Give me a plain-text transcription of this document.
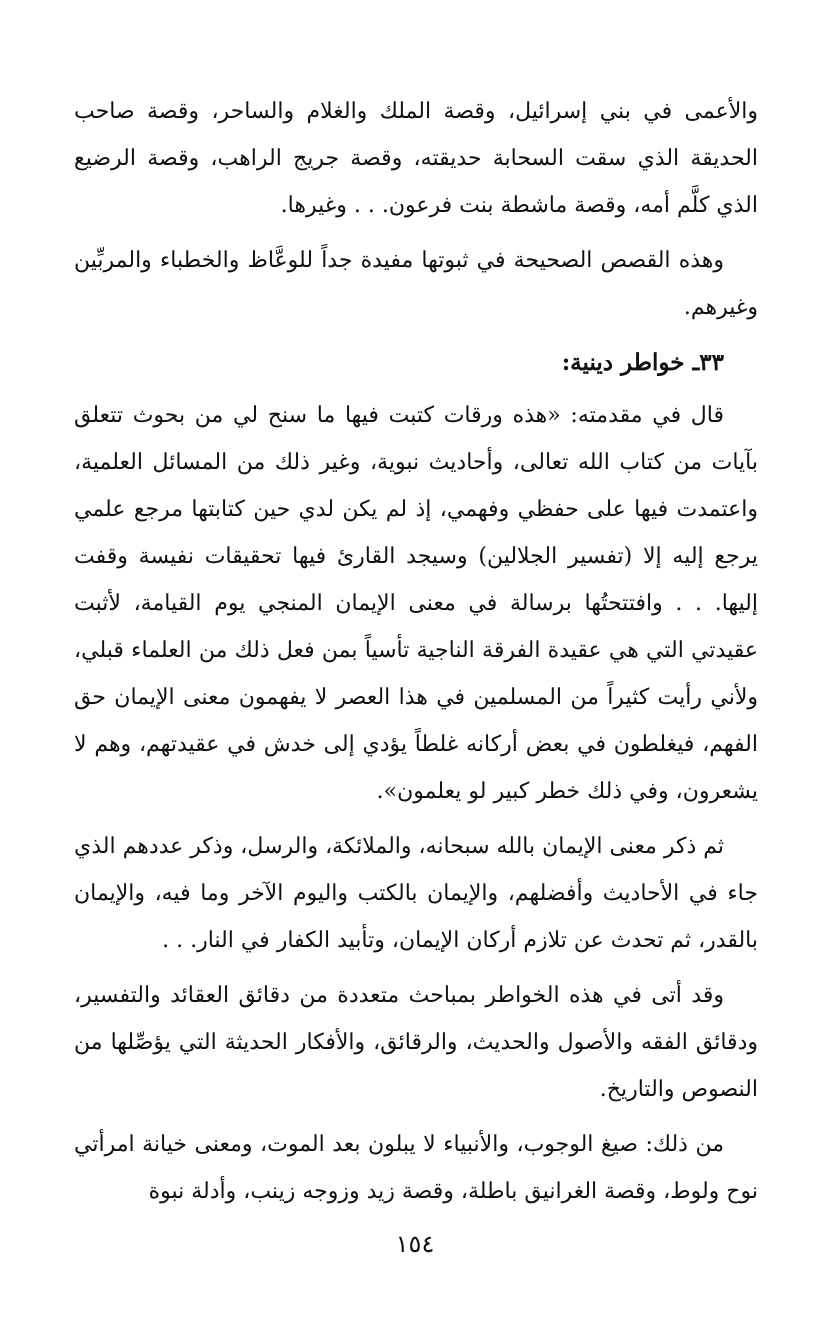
والأعمى في بني إسرائيل، وقصة الملك والغلام والساحر، وقصة صاحب الحديقة الذي سقت السحابة حديقته، وقصة جريج الراهب، وقصة الرضيع الذي كلَّم أمه، وقصة ماشطة بنت فرعون. . . وغيرها.

وهذه القصص الصحيحة في ثبوتها مفيدة جداً للوعَّاظ والخطباء والمربِّين وغيرهم.

٣٣ـ خواطر دينية:

قال في مقدمته: «هذه ورقات كتبت فيها ما سنح لي من بحوث تتعلق بآيات من كتاب الله تعالى، وأحاديث نبوية، وغير ذلك من المسائل العلمية، واعتمدت فيها على حفظي وفهمي، إذ لم يكن لدي حين كتابتها مرجع علمي يرجع إليه إلا (تفسير الجلالين) وسيجد القارئ فيها تحقيقات نفيسة وقفت إليها. . . وافتتحتُها برسالة في معنى الإيمان المنجي يوم القيامة، لأثبت عقيدتي التي هي عقيدة الفرقة الناجية تأسياً بمن فعل ذلك من العلماء قبلي، ولأني رأيت كثيراً من المسلمين في هذا العصر لا يفهمون معنى الإيمان حق الفهم، فيغلطون في بعض أركانه غلطاً يؤدي إلى خدش في عقيدتهم، وهم لا يشعرون، وفي ذلك خطر كبير لو يعلمون».

ثم ذكر معنى الإيمان بالله سبحانه، والملائكة، والرسل، وذكر عددهم الذي جاء في الأحاديث وأفضلهم، والإيمان بالكتب واليوم الآخر وما فيه، والإيمان بالقدر، ثم تحدث عن تلازم أركان الإيمان، وتأبيد الكفار في النار. . .

وقد أتى في هذه الخواطر بمباحث متعددة من دقائق العقائد والتفسير، ودقائق الفقه والأصول والحديث، والرقائق، والأفكار الحديثة التي يؤصِّلها من النصوص والتاريخ.

من ذلك: صيغ الوجوب، والأنبياء لا يبلون بعد الموت، ومعنى خيانة امرأتي نوح ولوط، وقصة الغرانيق باطلة، وقصة زيد وزوجه زينب، وأدلة نبوة

١٥٤
